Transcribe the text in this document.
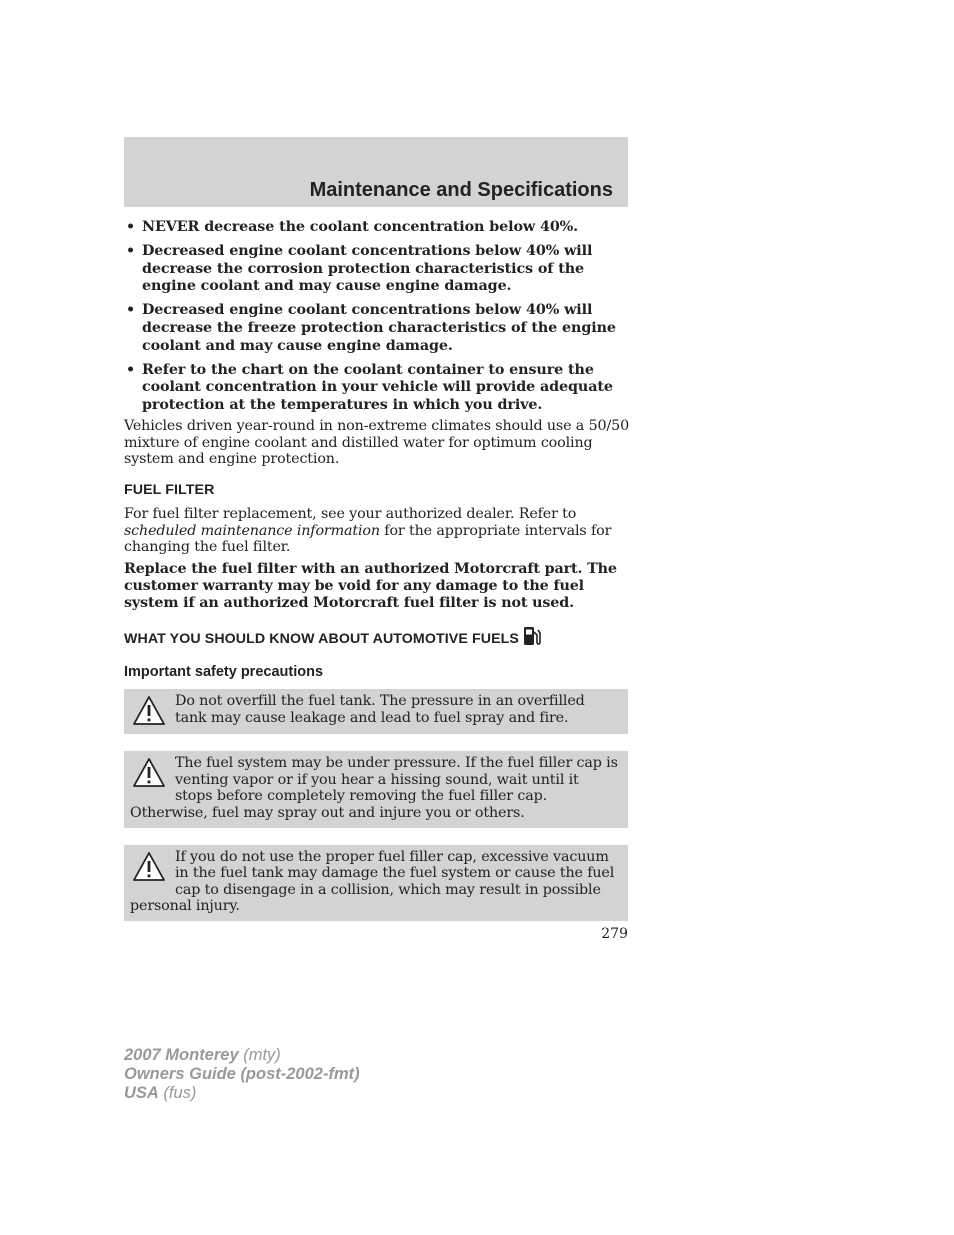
Maintenance and Specifications
• NEVER decrease the coolant concentration below 40%.
• Decreased engine coolant concentrations below 40% will decrease the corrosion protection characteristics of the engine coolant and may cause engine damage.
• Decreased engine coolant concentrations below 40% will decrease the freeze protection characteristics of the engine coolant and may cause engine damage.
• Refer to the chart on the coolant container to ensure the coolant concentration in your vehicle will provide adequate protection at the temperatures in which you drive.

Vehicles driven year-round in non-extreme climates should use a 50/50 mixture of engine coolant and distilled water for optimum cooling system and engine protection.

FUEL FILTER

For fuel filter replacement, see your authorized dealer. Refer to scheduled maintenance information for the appropriate intervals for changing the fuel filter.

Replace the fuel filter with an authorized Motorcraft part. The customer warranty may be void for any damage to the fuel system if an authorized Motorcraft fuel filter is not used.

WHAT YOU SHOULD KNOW ABOUT AUTOMOTIVE FUELS
Important safety precautions
Do not overfill the fuel tank. The pressure in an overfilled tank may cause leakage and lead to fuel spray and fire.
The fuel system may be under pressure. If the fuel filler cap is venting vapor or if you hear a hissing sound, wait until it stops before completely removing the fuel filler cap. Otherwise, fuel may spray out and injure you or others.
If you do not use the proper fuel filler cap, excessive vacuum in the fuel tank may damage the fuel system or cause the fuel cap to disengage in a collision, which may result in possible personal injury.
279
2007 Monterey (mty)
Owners Guide (post-2002-fmt)
USA (fus)
